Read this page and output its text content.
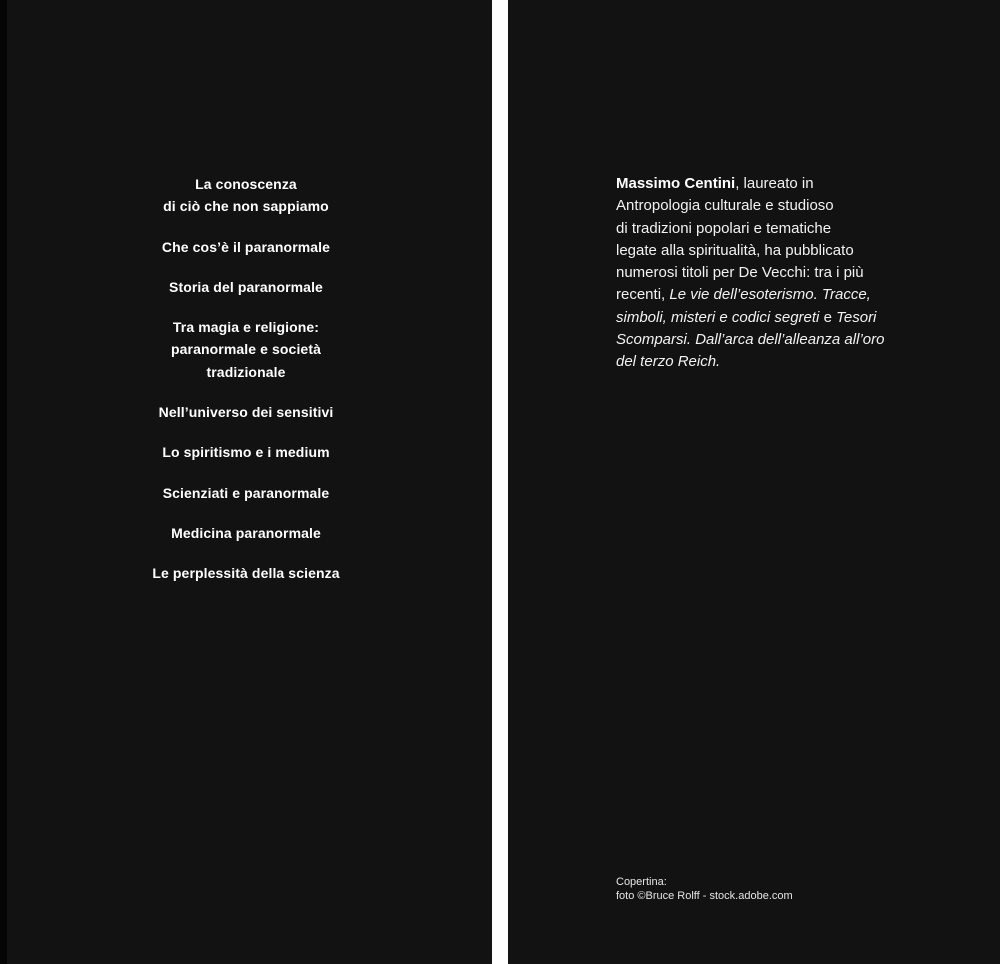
La conoscenza
di ciò che non sappiamo
Che cos’è il paranormale
Storia del paranormale
Tra magia e religione:
paranormale e società
tradizionale
Nell’universo dei sensitivi
Lo spiritismo e i medium
Scienziati e paranormale
Medicina paranormale
Le perplessità della scienza
Massimo Centini, laureato in
Antropologia culturale e studioso
di tradizioni popolari e tematiche
legate alla spiritualità, ha pubblicato
numerosi titoli per De Vecchi: tra i più
recenti, Le vie dell’esoterismo. Tracce,
simboli, misteri e codici segreti e Tesori
Scomparsi. Dall’arca dell’alleanza all’oro
del terzo Reich.
Copertina:
foto ©Bruce Rolff - stock.adobe.com
